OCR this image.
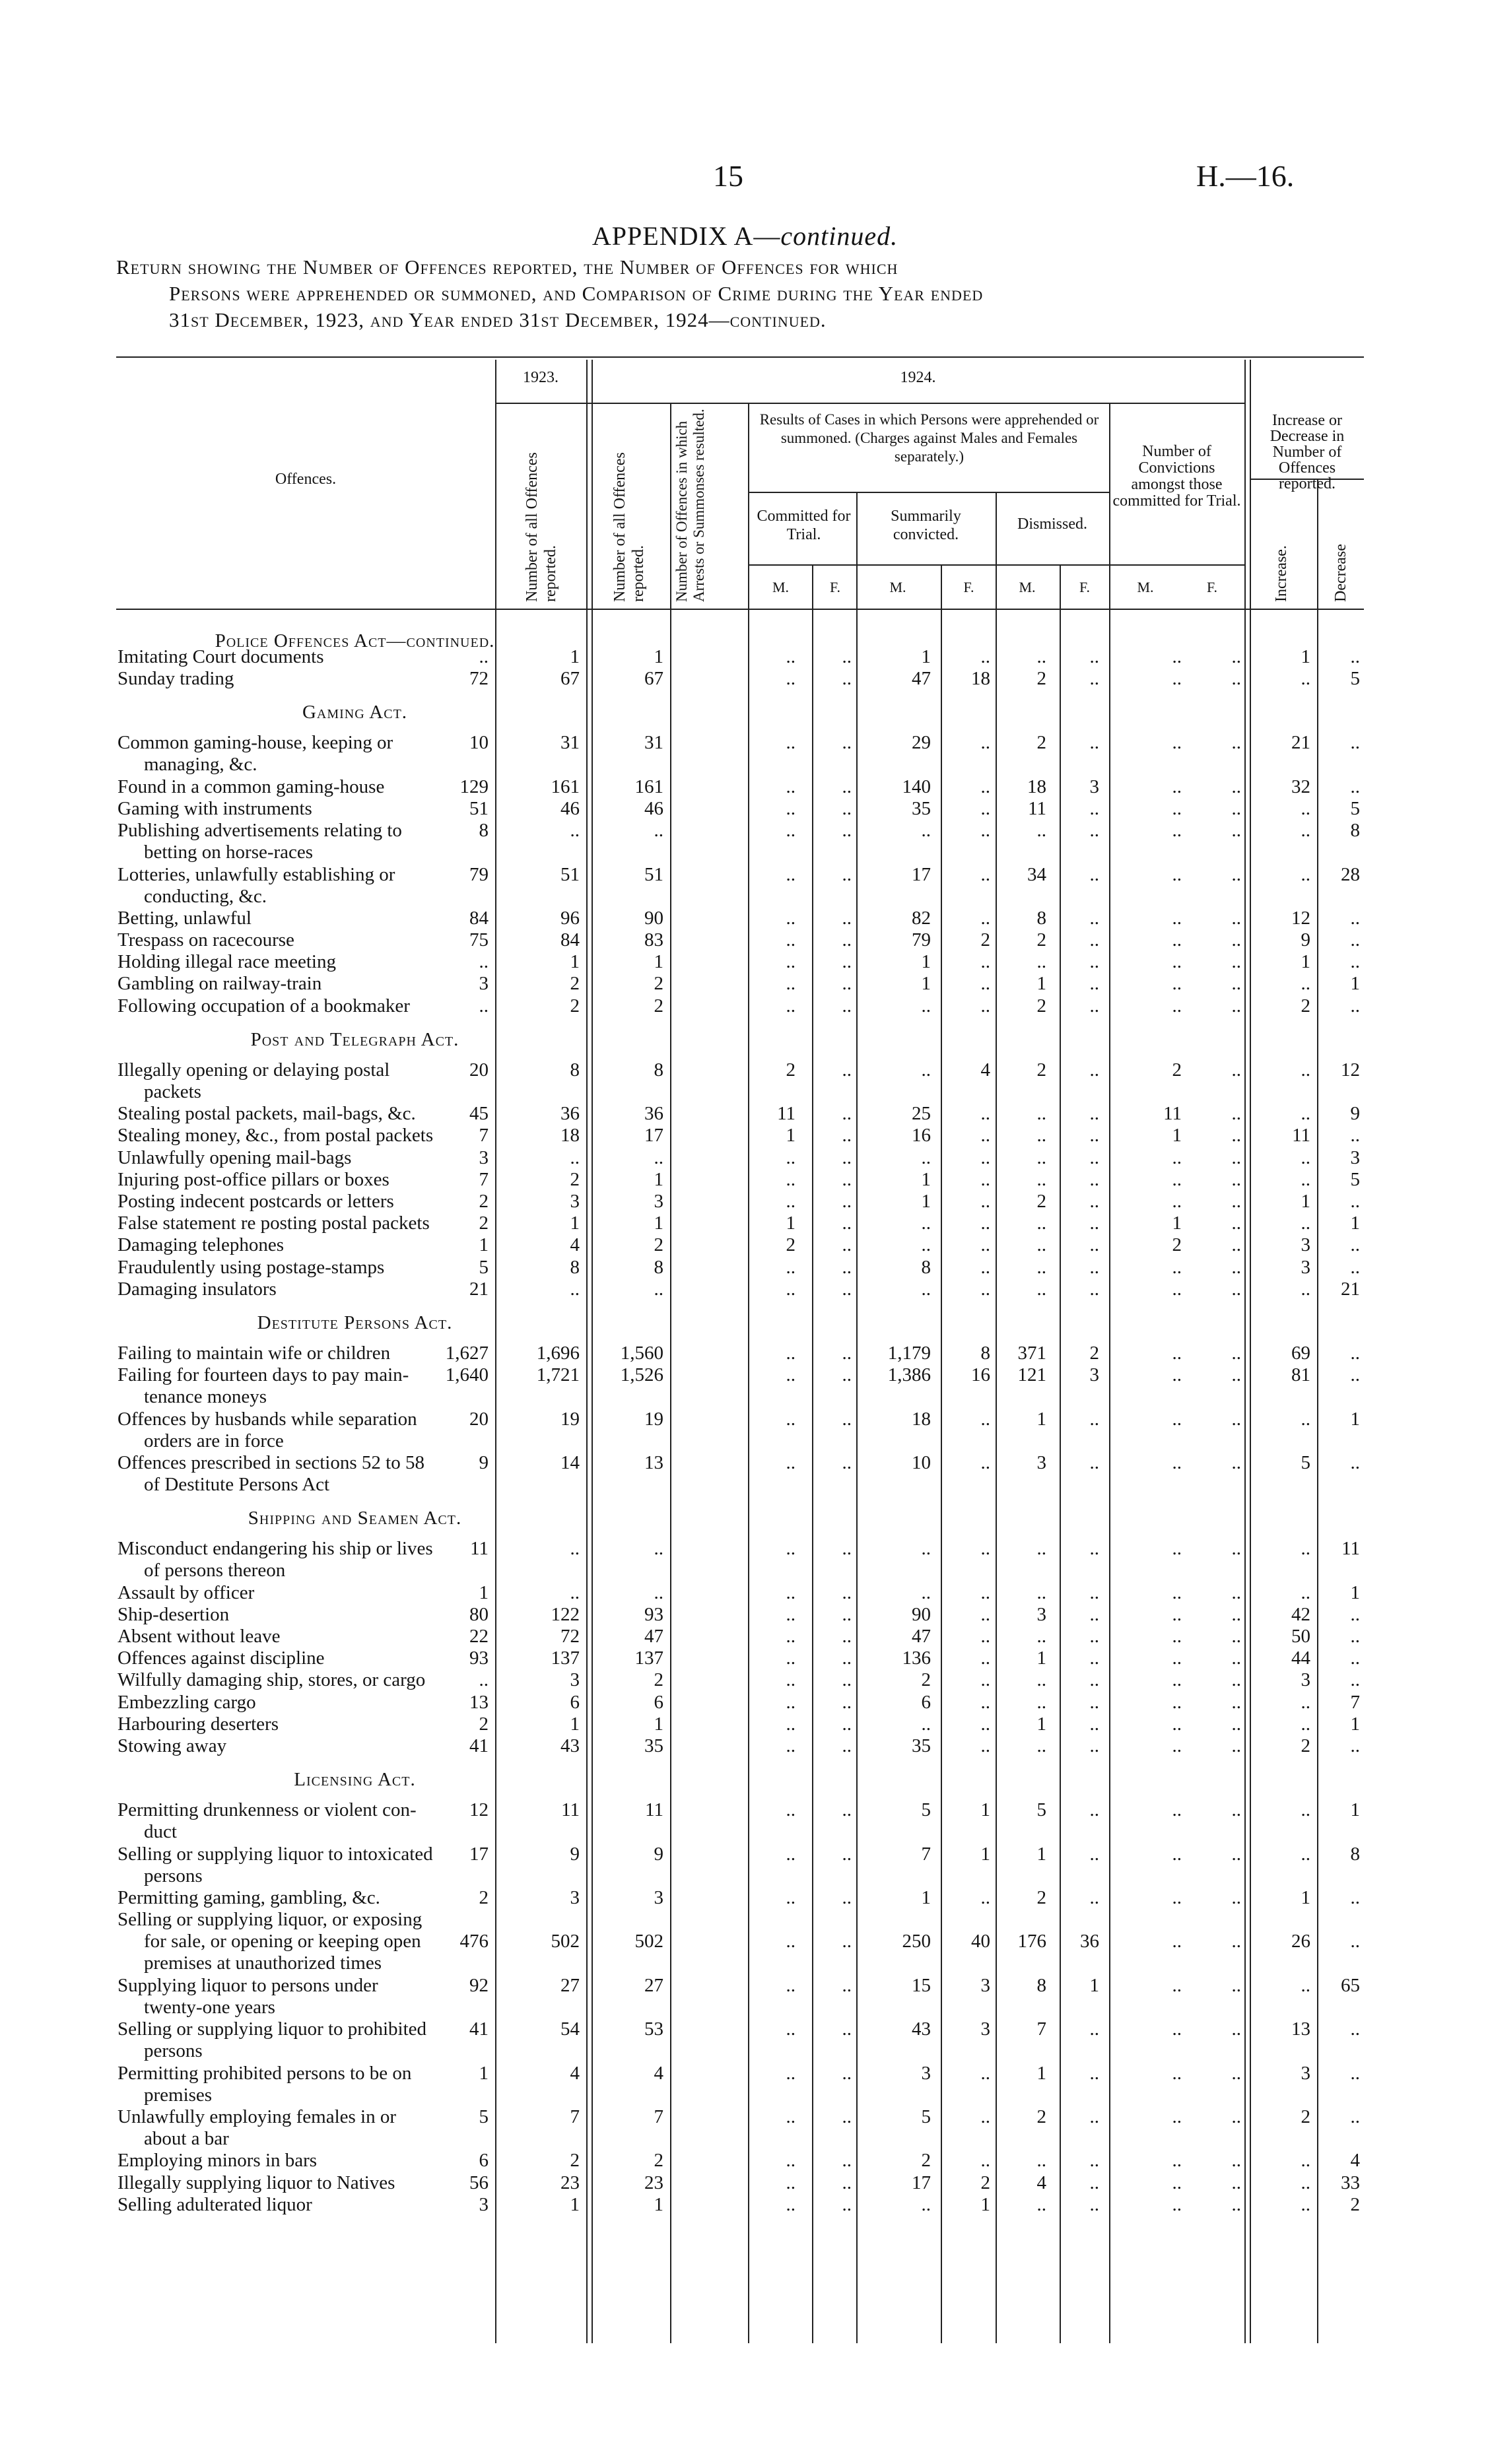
15	H.—16.
APPENDIX A—continued.
Return showing the Number of Offences reported, the Number of Offences for which
Persons were apprehended or summoned, and Comparison of Crime during the Year ended
31st December, 1923, and Year ended 31st December, 1924—continued.
Offences.
1923.	1924.
Number of all Offences reported.	Number of all Offences reported. Number of Offences in which Arrests or Summonses resulted.	Results of Cases in which Persons were apprehended or summoned. (Charges against Males and Females separately.)
Committed for Trial.
Summarily convicted.
Dismissed.
Number of Convictions amongst those committed for Trial.
Increase or Decrease in Number of Offences reported.
Increase.	Decrease
M.	F.	M.	F.	M.	F.	M.	F.
Police Offences Act—continued.
Imitating Court documents	..	1	1	..	..	1	..	..	..	..	..	1	..
Sunday trading	72	67	67	..	..	47	18	2	..	..	..	..	5
Gaming Act.
Common gaming-house, keeping or
managing, &c.
10	31	31	..	..	29	..	2	..	..	..	21	..
Found in a common gaming-house	129	161	161	..	..	140	..	18	3	..	..	32	..
Gaming with instruments	51	46	46	..	..	35	..	11	..	..	..	..	5
Publishing advertisements relating to
betting on horse-races
8	..	..	..	..	..	..	..	..	..	..	..	8
Lotteries, unlawfully establishing or
conducting, &c.
79	51	51	..	..	17	..	34	..	..	..	..	28
Betting, unlawful	84	96	90	..	..	82	..	8	..	..	..	12	..
Trespass on racecourse	75	84	83	..	..	79	2	2	..	..	..	9	..
Holding illegal race meeting	..	1	1	..	..	1	..	..	..	..	..	1	..
Gambling on railway-train	3	2	2	..	..	1	..	1	..	..	..	..	1
Following occupation of a bookmaker	..	2	2	..	..	..	..	2	..	..	..	2	..
Post and Telegraph Act.
Illegally opening or delaying postal
packets
20	8	8	2	..	..	4	2	..	2	..	..	12
Stealing postal packets, mail-bags, &c.	45	36	36	11	..	25	..	..	..	11	..	..	9
Stealing money, &c., from postal packets	7	18	17	1	..	16	..	..	..	1	..	11	..
Unlawfully opening mail-bags	3	..	..	..	..	..	..	..	..	..	..	..	3
Injuring post-office pillars or boxes	7	2	1	..	..	1	..	..	..	..	..	..	5
Posting indecent postcards or letters	2	3	3	..	..	1	..	2	..	..	..	1	..
False statement re posting postal packets	2	1	1	1	..	..	..	..	..	1	..	..	1
Damaging telephones	1	4	2	2	..	..	..	..	..	2	..	3	..
Fraudulently using postage-stamps	5	8	8	..	..	8	..	..	..	..	..	3	..
Damaging insulators	21	..	..	..	..	..	..	..	..	..	..	..	21
Destitute Persons Act.
Failing to maintain wife or children	1,627	1,696	1,560	..	..	1,179	8	371	2	..	..	69	..
Failing for fourteen days to pay main-
tenance moneys
1,640	1,721	1,526	..	..	1,386	16	121	3	..	..	81	..
Offences by husbands while separation
orders are in force
20	19	19	..	..	18	..	1	..	..	..	..	1
Offences prescribed in sections 52 to 58
of Destitute Persons Act
9	14	13	..	..	10	..	3	..	..	..	5	..
Shipping and Seamen Act.
Misconduct endangering his ship or lives
of persons thereon
11	..	..	..	..	..	..	..	..	..	..	..	11
Assault by officer	1	..	..	..	..	..	..	..	..	..	..	..	1
Ship-desertion	80	122	93	..	..	90	..	3	..	..	..	42	..
Absent without leave	22	72	47	..	..	47	..	..	..	..	..	50	..
Offences against discipline	93	137	137	..	..	136	..	1	..	..	..	44	..
Wilfully damaging ship, stores, or cargo	..	3	2	..	..	2	..	..	..	..	..	3	..
Embezzling cargo	13	6	6	..	..	6	..	..	..	..	..	..	7
Harbouring deserters	2	1	1	..	..	..	..	1	..	..	..	..	1
Stowing away	41	43	35	..	..	35	..	..	..	..	..	2	..
Licensing Act.
Permitting drunkenness or violent con-
duct
12	11	11	..	..	5	1	5	..	..	..	..	1
Selling or supplying liquor to intoxicated
persons
17	9	9	..	..	7	1	1	..	..	..	..	8
Permitting gaming, gambling, &c.	2	3	3	..	..	1	..	2	..	..	..	1	..
Selling or supplying liquor, or exposing
for sale, or opening or keeping open
premises at unauthorized times
476	502	502	..	..	250	40	176	36	..	..	26	..
Supplying liquor to persons under
twenty-one years
92	27	27	..	..	15	3	8	1	..	..	..	65
Selling or supplying liquor to prohibited
persons
41	54	53	..	..	43	3	7	..	..	..	13	..
Permitting prohibited persons to be on
premises
1	4	4	..	..	3	..	1	..	..	..	3	..
Unlawfully employing females in or
about a bar
5	7	7	..	..	5	..	2	..	..	..	2	..
Employing minors in bars	6	2	2	..	..	2	..	..	..	..	..	..	4
Illegally supplying liquor to Natives	56	23	23	..	..	17	2	4	..	..	..	..	33
Selling adulterated liquor	3	1	1	..	..	..	1	..	..	..	..	..	2
